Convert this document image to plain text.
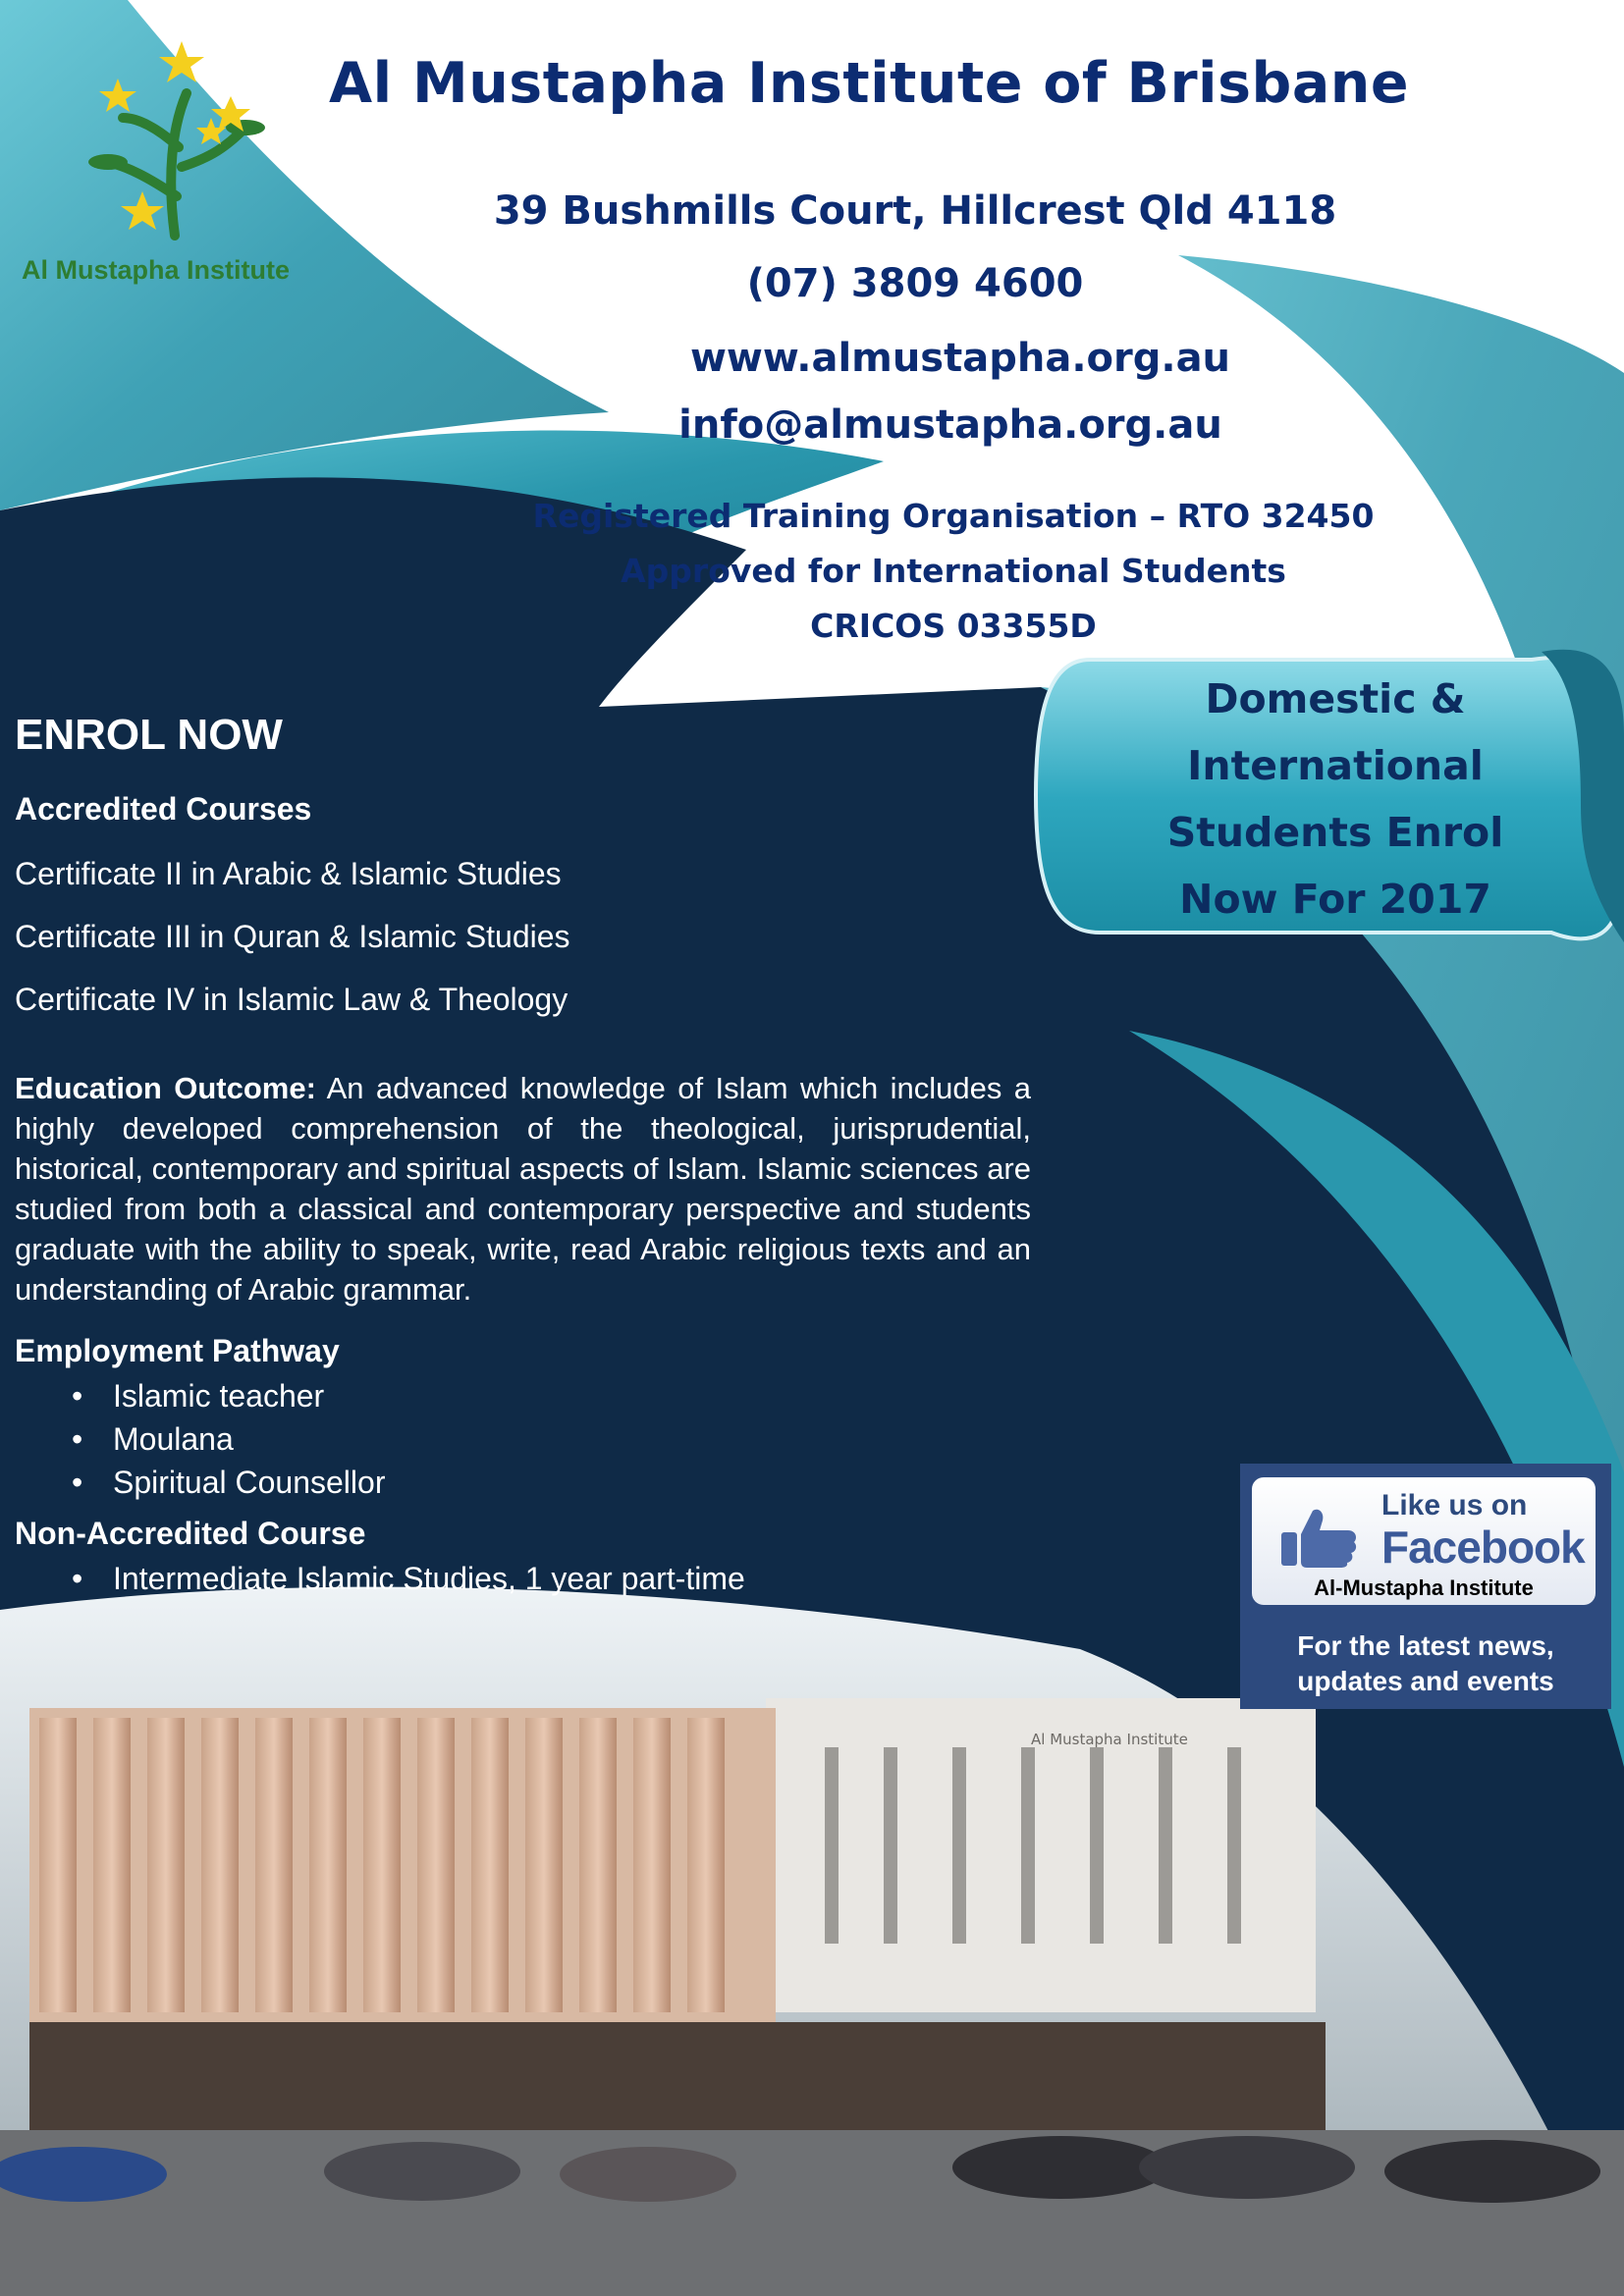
Al Mustapha Institute
Al Mustapha Institute of Brisbane
39 Bushmills Court, Hillcrest Qld 4118
(07) 3809 4600
www.almustapha.org.au
info@almustapha.org.au
Registered Training Organisation – RTO 32450
Approved for International Students
CRICOS 03355D
Domestic &
International
Students Enrol
Now For 2017
ENROL NOW
Accredited Courses
Certificate II in Arabic & Islamic Studies
Certificate III in Quran & Islamic Studies
Certificate IV in Islamic Law & Theology
Education Outcome: An advanced knowledge of Islam which includes a highly developed comprehension of the theological, jurisprudential, historical, contemporary and spiritual aspects of Islam. Islamic sciences are studied from both a classical and contemporary perspective and students graduate with the ability to speak, write, read Arabic religious texts and an understanding of Arabic grammar.
Employment Pathway
• Islamic teacher
• Moulana
• Spiritual Counsellor
Non-Accredited Course
• Intermediate Islamic Studies, 1 year part-time
Like us on
Facebook
Al-Mustapha Institute
For the latest news,
updates and events
Al Mustapha Institute
